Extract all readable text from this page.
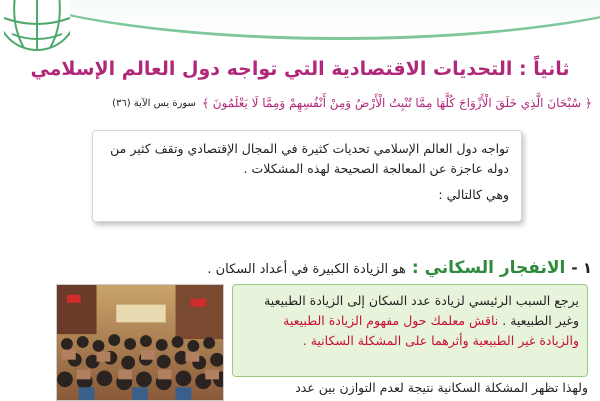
ثانياً : التحديات الاقتصادية التي تواجه دول العالم الإسلامي
﴿ سُبْحَانَ الَّذِي خَلَقَ الْأَزْوَاجَ كُلَّهَا مِمَّا تُنْبِتُ الْأَرْضُ وَمِنْ أَنْفُسِهِمْ وَمِمَّا لَا يَعْلَمُونَ ﴾
سورة يس الآية (٣٦)

تواجه دول العالم الإسلامي تحديات كثيرة في المجال الإقتصادي وتقف كثير من دوله عاجزة عن المعالجة الصحيحة لهذه المشكلات .

وهي كالتالي :

١ -
الانفجار السكاني :
هو الزيادة الكبيرة في أعداد السكان .
يرجع السبب الرئيسي لزيادة عدد السكان إلى الزيادة الطبيعية وغير الطبيعية . ناقش معلمك حول مفهوم الزيادة الطبيعية والزيادة غير الطبيعية وأثرهما على المشكلة السكانية .
ولهذا تظهر المشكلة السكانية نتيجة لعدم التوازن بين عدد
